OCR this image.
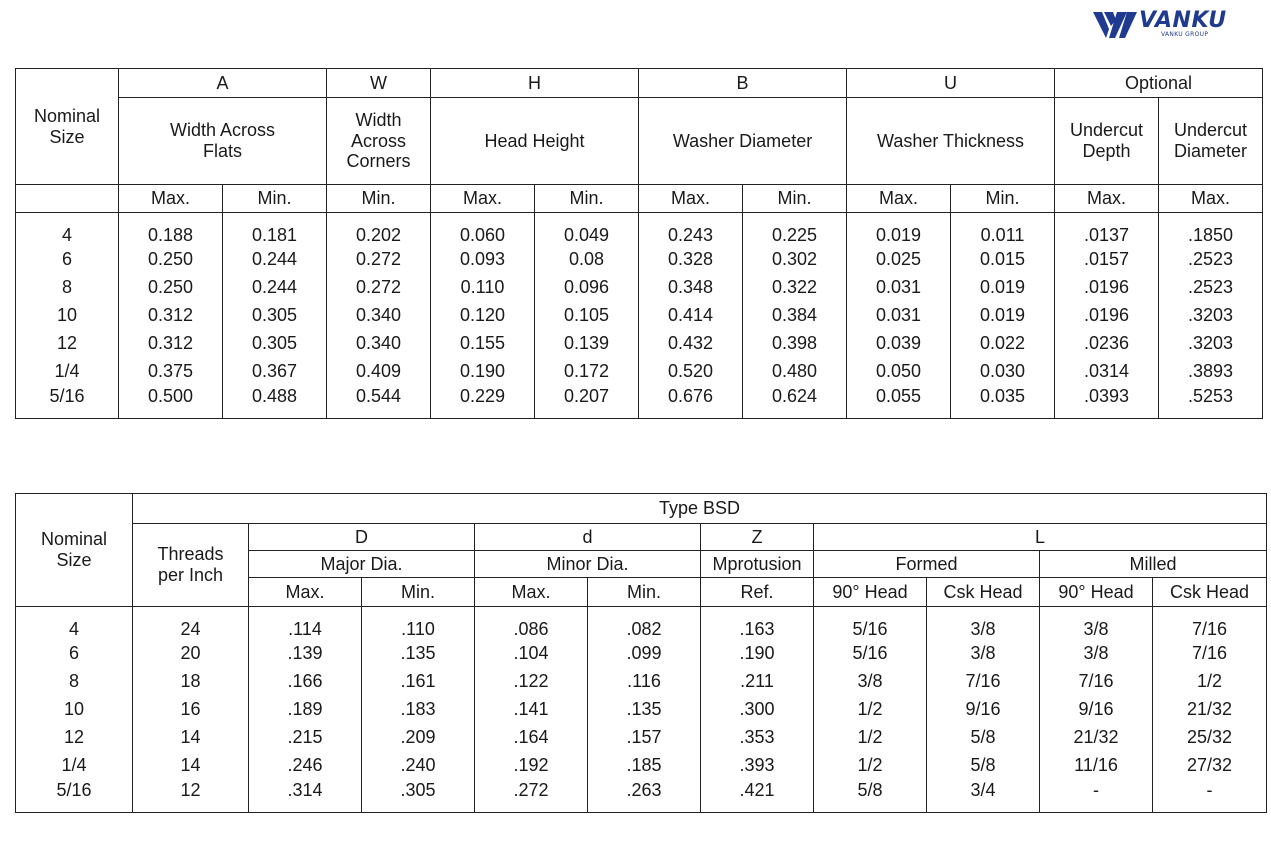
VANKU
VANKU GROUP
Nominal Size	A		W	H		B		U		Optional	
	Width Across Flats		Width Across Corners	Head Height		Washer Diameter		Washer Thickness		Undercut Depth	Undercut Diameter
	Max.	Min.	Min.	Max.	Min.	Max.	Min.	Max.	Min.	Max.	Max.
4	0.188	0.181	0.202	0.060	0.049	0.243	0.225	0.019	0.011	.0137	.1850
6	0.250	0.244	0.272	0.093	0.08	0.328	0.302	0.025	0.015	.0157	.2523
8	0.250	0.244	0.272	0.110	0.096	0.348	0.322	0.031	0.019	.0196	.2523
10	0.312	0.305	0.340	0.120	0.105	0.414	0.384	0.031	0.019	.0196	.3203
12	0.312	0.305	0.340	0.155	0.139	0.432	0.398	0.039	0.022	.0236	.3203
1/4	0.375	0.367	0.409	0.190	0.172	0.520	0.480	0.050	0.030	.0314	.3893
5/16	0.500	0.488	0.544	0.229	0.207	0.676	0.624	0.055	0.035	.0393	.5253
Nominal Size	Type BSD									
	Threads per Inch	D		d		Z	L			
		Major Dia.		Minor Dia.		Mprotusion	Formed		Milled	
		Max.	Min.	Max.	Min.	Ref.	90° Head	Csk Head	90° Head	Csk Head
4	24	.114	.110	.086	.082	.163	5/16	3/8	3/8	7/16
6	20	.139	.135	.104	.099	.190	5/16	3/8	3/8	7/16
8	18	.166	.161	.122	.116	.211	3/8	7/16	7/16	1/2
10	16	.189	.183	.141	.135	.300	1/2	9/16	9/16	21/32
12	14	.215	.209	.164	.157	.353	1/2	5/8	21/32	25/32
1/4	14	.246	.240	.192	.185	.393	1/2	5/8	11/16	27/32
5/16	12	.314	.305	.272	.263	.421	5/8	3/4	-	-
